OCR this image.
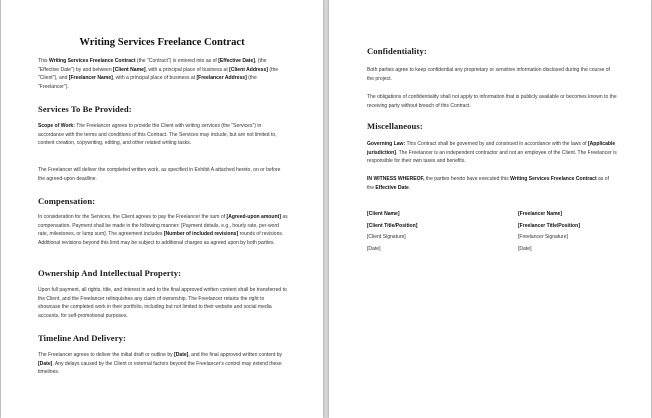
Writing Services Freelance Contract
This Writing Services Freelance Contract (the "Contract") is entered into as of [Effective Date], (the "Effective Date") by and between [Client Name], with a principal place of business at [Client Address] (the "Client"), and [Freelancer Name], with a principal place of business at [Freelancer Address] (the "Freelancer").
Services To Be Provided:
Scope of Work: The Freelancer agrees to provide the Client with writing services (the "Services") in accordance with the terms and conditions of this Contract. The Services may include, but are not limited to, content creation, copywriting, editing, and other related writing tasks.
The Freelancer will deliver the completed written work, as specified in Exhibit A attached hereto, on or before the agreed-upon deadline.
Compensation:
In consideration for the Services, the Client agrees to pay the Freelancer the sum of [Agreed-upon amount] as compensation. Payment shall be made in the following manner: [Payment details, e.g., hourly rate, per-word rate, milestones, or lump sum]. The agreement includes [Number of included revisions] rounds of revisions. Additional revisions beyond this limit may be subject to additional charges as agreed upon by both parties.
Ownership And Intellectual Property:
Upon full payment, all rights, title, and interest in and to the final approved written content shall be transferred to the Client, and the Freelancer relinquishes any claim of ownership. The Freelancer retains the right to showcase the completed work in their portfolio, including but not limited to their website and social media accounts, for self-promotional purposes.
Timeline And Delivery:
The Freelancer agrees to deliver the initial draft or outline by [Date], and the final approved written content by [Date]. Any delays caused by the Client or external factors beyond the Freelancer's control may extend these timelines.
Confidentiality:
Both parties agree to keep confidential any proprietary or sensitive information disclosed during the course of the project.
The obligations of confidentiality shall not apply to information that is publicly available or becomes known to the receiving party without breach of this Contract.
Miscellaneous:
Governing Law: This Contract shall be governed by and construed in accordance with the laws of [Applicable jurisdiction]. The Freelancer is an independent contractor and not an employee of the Client. The Freelancer is responsible for their own taxes and benefits.
IN WITNESS WHEREOF, the parties hereto have executed this Writing Services Freelance Contract as of the Effective Date.
[Client Name]
[Client Title/Position]
[Client Signature]
[Date]
[Freelancer Name]
[Freelancer Title/Position]
[Freelancer Signature]
[Date]
